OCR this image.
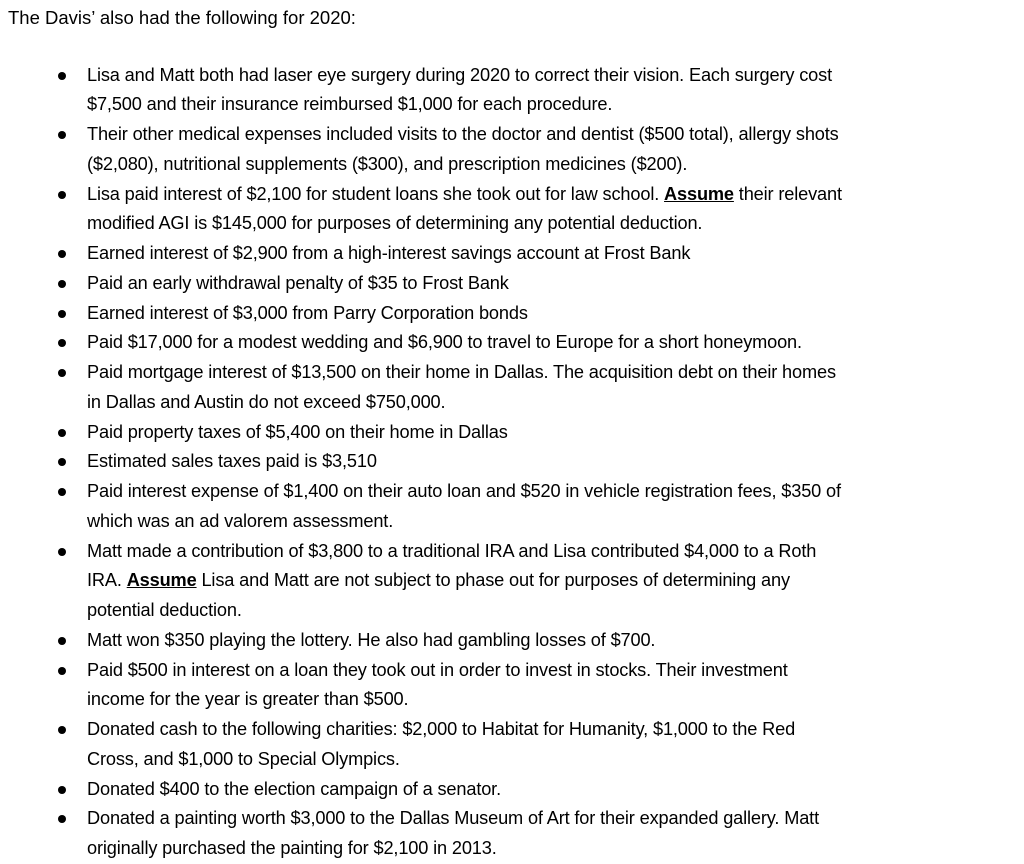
The Davis’ also had the following for 2020:
Lisa and Matt both had laser eye surgery during 2020 to correct their vision. Each surgery cost
$7,500 and their insurance reimbursed $1,000 for each procedure.
Their other medical expenses included visits to the doctor and dentist ($500 total), allergy shots
($2,080), nutritional supplements ($300), and prescription medicines ($200).
Lisa paid interest of $2,100 for student loans she took out for law school. Assume their relevant
modified AGI is $145,000 for purposes of determining any potential deduction.
Earned interest of $2,900 from a high-interest savings account at Frost Bank
Paid an early withdrawal penalty of $35 to Frost Bank
Earned interest of $3,000 from Parry Corporation bonds
Paid $17,000 for a modest wedding and $6,900 to travel to Europe for a short honeymoon.
Paid mortgage interest of $13,500 on their home in Dallas. The acquisition debt on their homes
in Dallas and Austin do not exceed $750,000.
Paid property taxes of $5,400 on their home in Dallas
Estimated sales taxes paid is $3,510
Paid interest expense of $1,400 on their auto loan and $520 in vehicle registration fees, $350 of
which was an ad valorem assessment.
Matt made a contribution of $3,800 to a traditional IRA and Lisa contributed $4,000 to a Roth
IRA. Assume Lisa and Matt are not subject to phase out for purposes of determining any
potential deduction.
Matt won $350 playing the lottery. He also had gambling losses of $700.
Paid $500 in interest on a loan they took out in order to invest in stocks. Their investment
income for the year is greater than $500.
Donated cash to the following charities: $2,000 to Habitat for Humanity, $1,000 to the Red
Cross, and $1,000 to Special Olympics.
Donated $400 to the election campaign of a senator.
Donated a painting worth $3,000 to the Dallas Museum of Art for their expanded gallery. Matt
originally purchased the painting for $2,100 in 2013.
